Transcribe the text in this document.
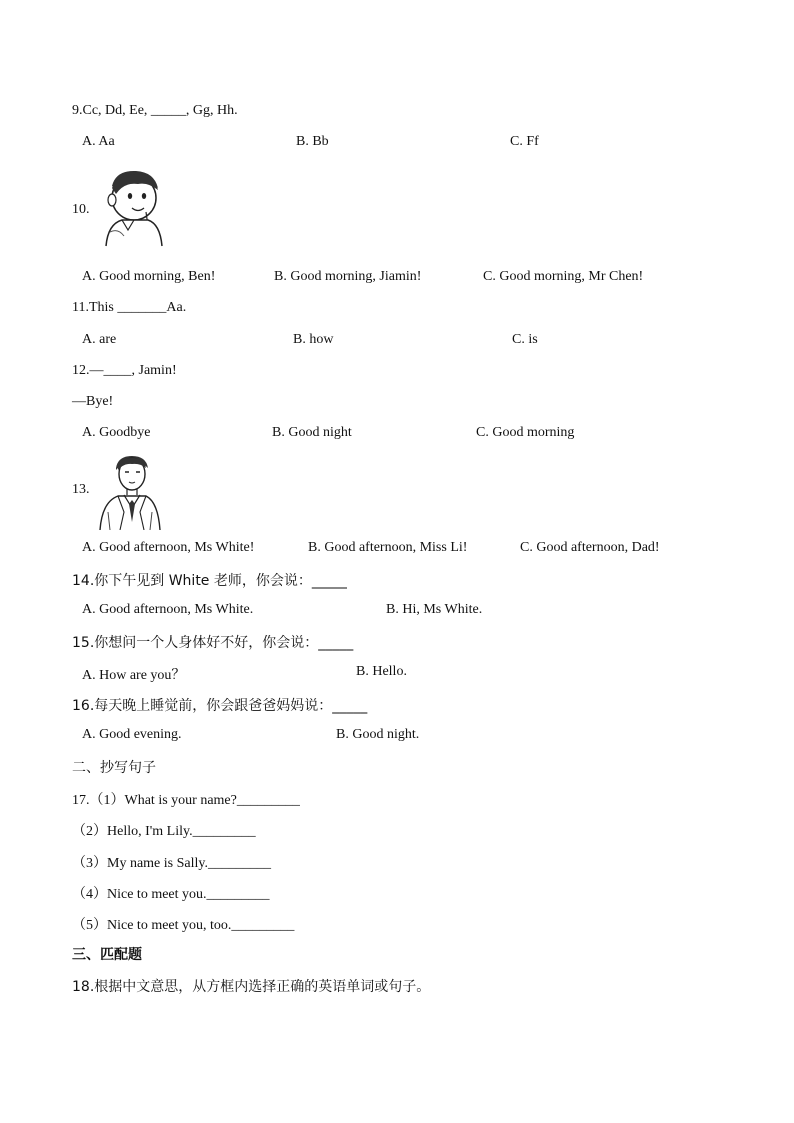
9.Cc, Dd, Ee, _____, Gg, Hh.
A. Aa	B. Bb	C. Ff
10.
A. Good morning, Ben!	B. Good morning, Jiamin!	C. Good morning, Mr Chen!
11.This _______Aa.
A. are	B. how	C. is
12.—____, Jamin!
—Bye!
A. Goodbye	B. Good night	C. Good morning
13.
A. Good afternoon, Ms White!	B. Good afternoon, Miss Li!	C. Good afternoon, Dad!
14.你下午见到 White 老师，你会说：_____
A. Good afternoon, Ms White.	B. Hi, Ms White.
15.你想问一个人身体好不好，你会说：_____
A. How are you？	B. Hello.
16.每天晚上睡觉前，你会跟爸爸妈妈说：_____
A. Good evening.	B. Good night.
二、抄写句子
17.（1）What is your name?_________
（2）Hello, I'm Lily._________
（3）My name is Sally._________
（4）Nice to meet you._________
（5）Nice to meet you, too._________
三、匹配题
18.根据中文意思，从方框内选择正确的英语单词或句子。
